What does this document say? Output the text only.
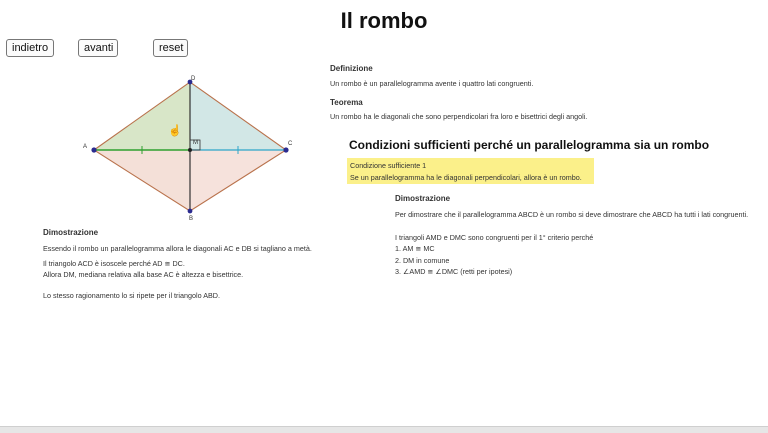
Il rombo
indietro	avanti	reset
A	C
D
B
M
☝
Dimostrazione
Essendo il rombo un parallelogramma allora le diagonali AC e DB si tagliano a metà.
Il triangolo ACD è isoscele perché AD ≅ DC.
Allora DM, mediana relativa alla base AC è altezza e bisettrice.
Lo stesso ragionamento lo si ripete per il triangolo ABD.
Definizione
Un rombo è un parallelogramma avente i quattro lati congruenti.
Teorema
Un rombo ha le diagonali che sono perpendicolari fra loro e bisettrici degli angoli.
Condizioni sufficienti perché un parallelogramma sia un rombo
Condizione sufficiente 1
Se un parallelogramma ha le diagonali perpendicolari, allora è un rombo.
Dimostrazione
Per dimostrare che il parallelogramma ABCD è un rombo si deve dimostrare che ABCD ha tutti i lati congruenti.
I triangoli AMD e DMC sono congruenti per il 1° criterio perché
1. AM ≅ MC
2. DM in comune
3. ∠AMD ≅ ∠DMC (retti per ipotesi)
